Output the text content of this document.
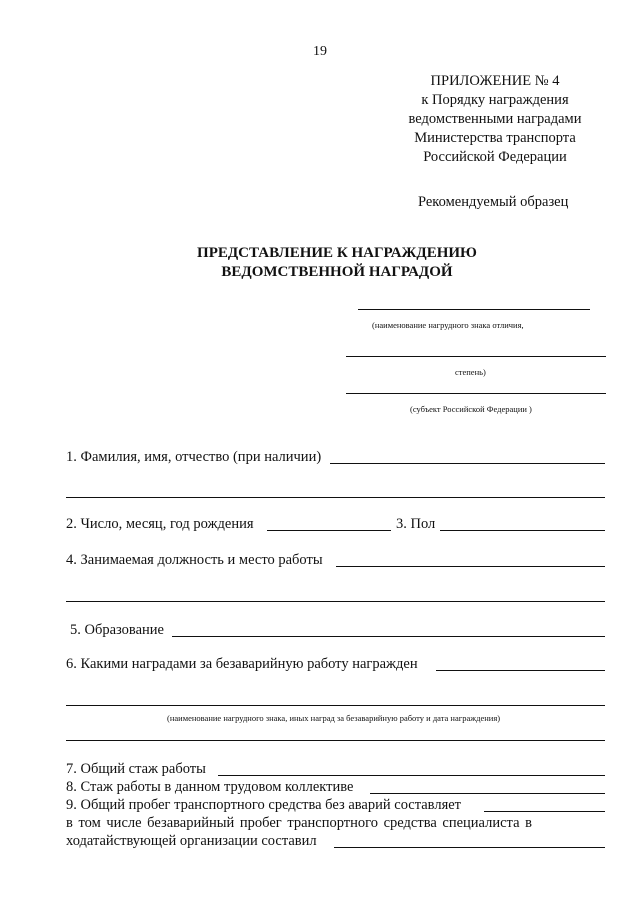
19
ПРИЛОЖЕНИЕ № 4
к Порядку награждения
ведомственными наградами
Министерства транспорта
Российской Федерации
Рекомендуемый образец
ПРЕДСТАВЛЕНИЕ К НАГРАЖДЕНИЮ
ВЕДОМСТВЕННОЙ НАГРАДОЙ
(наименование нагрудного знака отличия,
степень)
(субъект Российской Федерации )
1. Фамилия, имя, отчество (при наличии)
2. Число, месяц, год рождения	3. Пол
4. Занимаемая должность и место работы
5. Образование
6. Какими наградами за безаварийную работу награжден
(наименование нагрудного знака, иных наград за безаварийную работу и дата награждения)
7. Общий стаж работы
8. Стаж работы в данном трудовом коллективе
9. Общий пробег транспортного средства без аварий составляет
в том числе безаварийный пробег транспортного средства специалиста в
ходатайствующей организации составил
